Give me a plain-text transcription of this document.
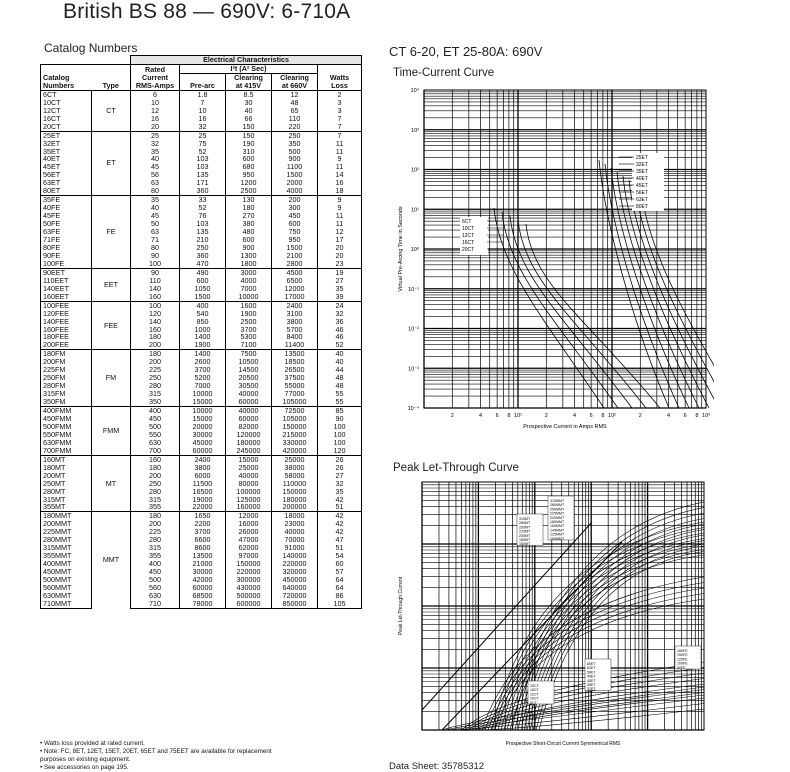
British BS 88 — 690V: 6-710A
Catalog Numbers
		Electrical Characteristics				
		Rated	I²t (A² Sec)			
Catalog		Current		Clearing	Clearing	Watts
Numbers	Type	RMS-Amps	Pre-arc	at 415V	at 660V	Loss
6CT	CT	6	1.8	8.5	12	2
10CT		10	7	30	48	3
12CT		12	10	40	65	3
16CT		16	16	66	110	7
20CT		20	32	150	220	7
25ET	ET	25	25	150	250	7
32ET		32	75	190	350	11
35ET		35	52	310	500	11
40ET		40	103	600	900	9
45ET		45	103	680	1100	11
56ET		56	135	950	1500	14
63ET		63	171	1200	2000	16
80ET		80	360	2500	4000	18
35FE	FE	35	33	130	200	9
40FE		40	52	180	300	9
45FE		45	76	270	450	11
50FE		50	103	380	600	11
63FE		63	135	480	750	12
71FE		71	210	600	950	17
80FE		80	250	900	1500	20
90FE		90	360	1300	2100	20
100FE		100	470	1800	2800	23
90EET	EET	90	490	3000	4500	19
110EET		110	600	4000	6500	27
140EET		140	1050	7000	12000	35
160EET		160	1500	10000	17000	39
100FEE	FEE	100	400	1600	2400	24
120FEE		120	540	1900	3100	32
140FEE		140	850	2500	3800	36
160FEE		160	1000	3700	5700	46
180FEE		180	1400	5300	8400	46
200FEE		200	1900	7100	11400	52
180FM	FM	180	1400	7500	13500	40
200FM		200	2600	10500	18500	40
225FM		225	3700	14500	26500	44
250FM		250	5200	20500	37500	48
280FM		280	7000	30500	55000	48
315FM		315	10000	40000	77000	55
350FM		350	15000	60000	105000	55
400FMM	FMM	400	10000	40000	72500	85
450FMM		450	15000	60000	105000	90
500FMM		500	20000	82000	150000	100
550FMM		550	30000	120000	215000	100
630FMM		630	45000	180000	330000	100
700FMM		700	60000	245000	420000	120
160MT	MT	160	2400	15000	25000	26
180MT		180	3800	25000	38000	26
200MT		200	6000	40000	58000	27
250MT		250	11500	80000	110000	32
280MT		280	16500	100000	150000	35
315MT		315	19000	125000	180000	42
355MT		355	22000	160000	200000	51
180MMT	MMT	180	1650	12000	18000	42
200MMT		200	2200	16000	23000	42
225MMT		225	3700	26000	40000	42
280MMT		280	6600	47000	70000	47
315MMT		315	8600	62000	91000	51
355MMT		355	13500	97000	140000	54
400MMT		400	21000	150000	220000	60
450MMT		450	30000	220000	320000	57
500MMT		500	42000	300000	450000	64
560MMT		560	60000	430000	640000	64
630MMT		630	68500	500000	720000	86
710MMT		710	78000	600000	850000	105
• Watts loss provided at rated current.
• Note: FC, 8ET, 12ET, 15ET, 20ET, 65ET and 75EET are available for replacement
purposes on existing equipment.
• See accessories on page 195.
CT 6-20, ET 25-80A: 690V
Time-Current Curve
Peak Let-Through Curve
10⁴
10³
10²
10¹
10⁰
10⁻¹
10⁻²
10⁻³
10⁻⁴
2	4 6 8 10¹	2	4 6 8 10²	2	4 6 8 10³
Virtual Pre-Arcing Time in Seconds
Prospective Current in Amps RMS
25ET
32ET
35ET
40ET
45ET
56ET
63ET
80ET
6CT
10CT
12CT
16CT
20CT
Peak Let-Through Current
Prospective Short-Circuit Current Symmetrical RMS
315MMT
280MMT
250MMT
225MMT
200MMT
180MMT
160MMT
140MMT
125MMT
100MMT
315MT
280MT
250MT
225MT
200MT
180MT
160MT
160FE
150FE
125FE
100FE
80FE
80ET
63ET
56ET
45ET
40ET
35ET
32ET
20CT
16CT
12CT
10CT
6CT
Data Sheet: 35785312
